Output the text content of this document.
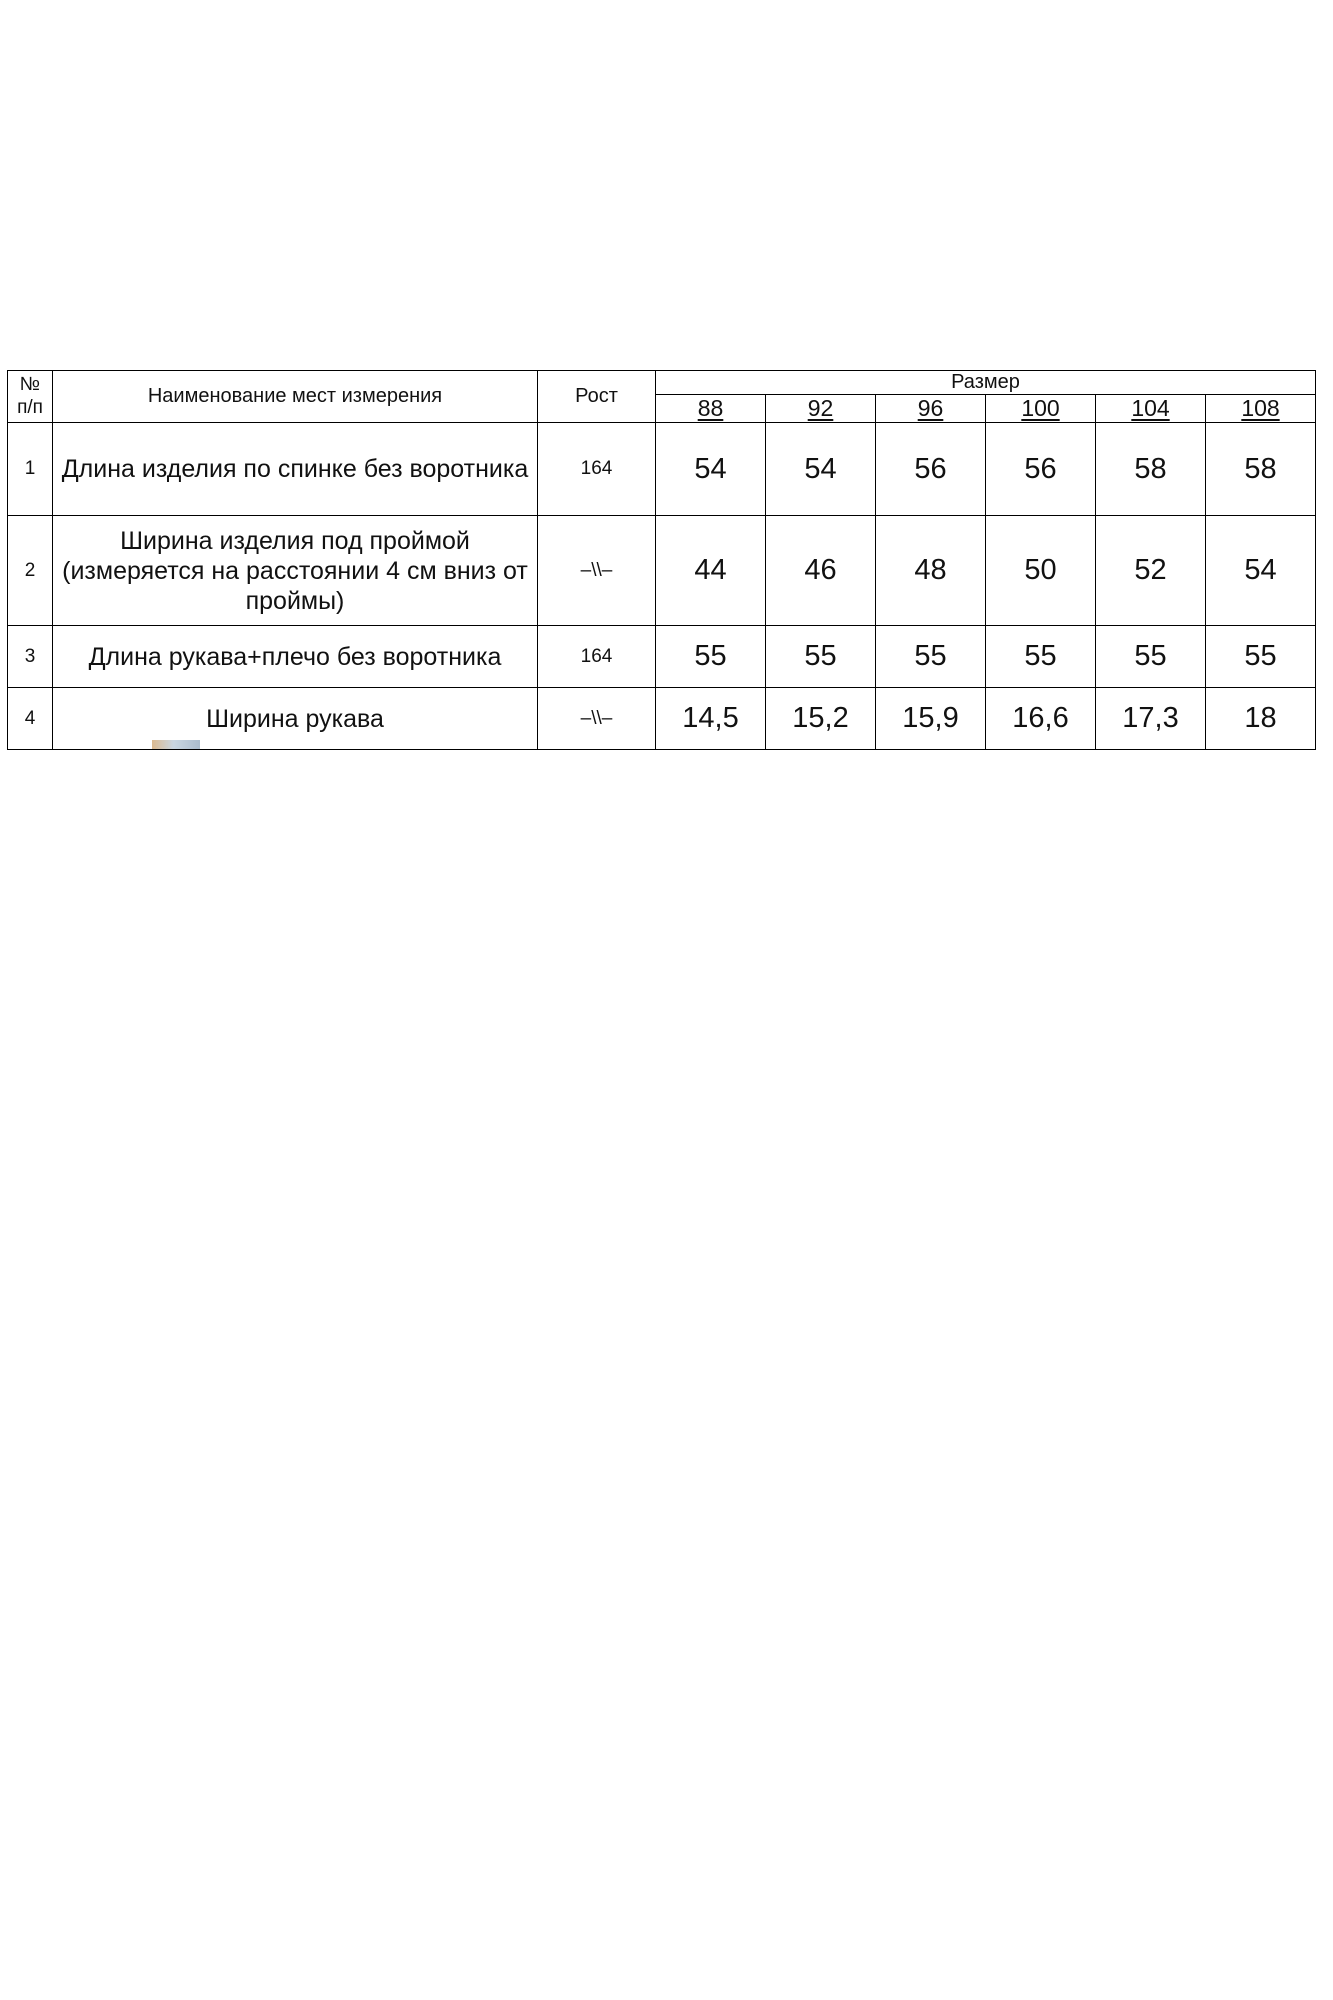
№
п/п	Наименование мест измерения	Рост	Размер					
			88	92	96	100	104	108
1	Длина изделия по спинке без воротника	164	54	54	56	56	58	58
2	Ширина изделия под проймой (измеряется на расстоянии 4 см вниз от проймы)	–\\–	44	46	48	50	52	54
3	Длина рукава+плечо без воротника	164	55	55	55	55	55	55
4	Ширина рукава	–\\–	14,5	15,2	15,9	16,6	17,3	18
